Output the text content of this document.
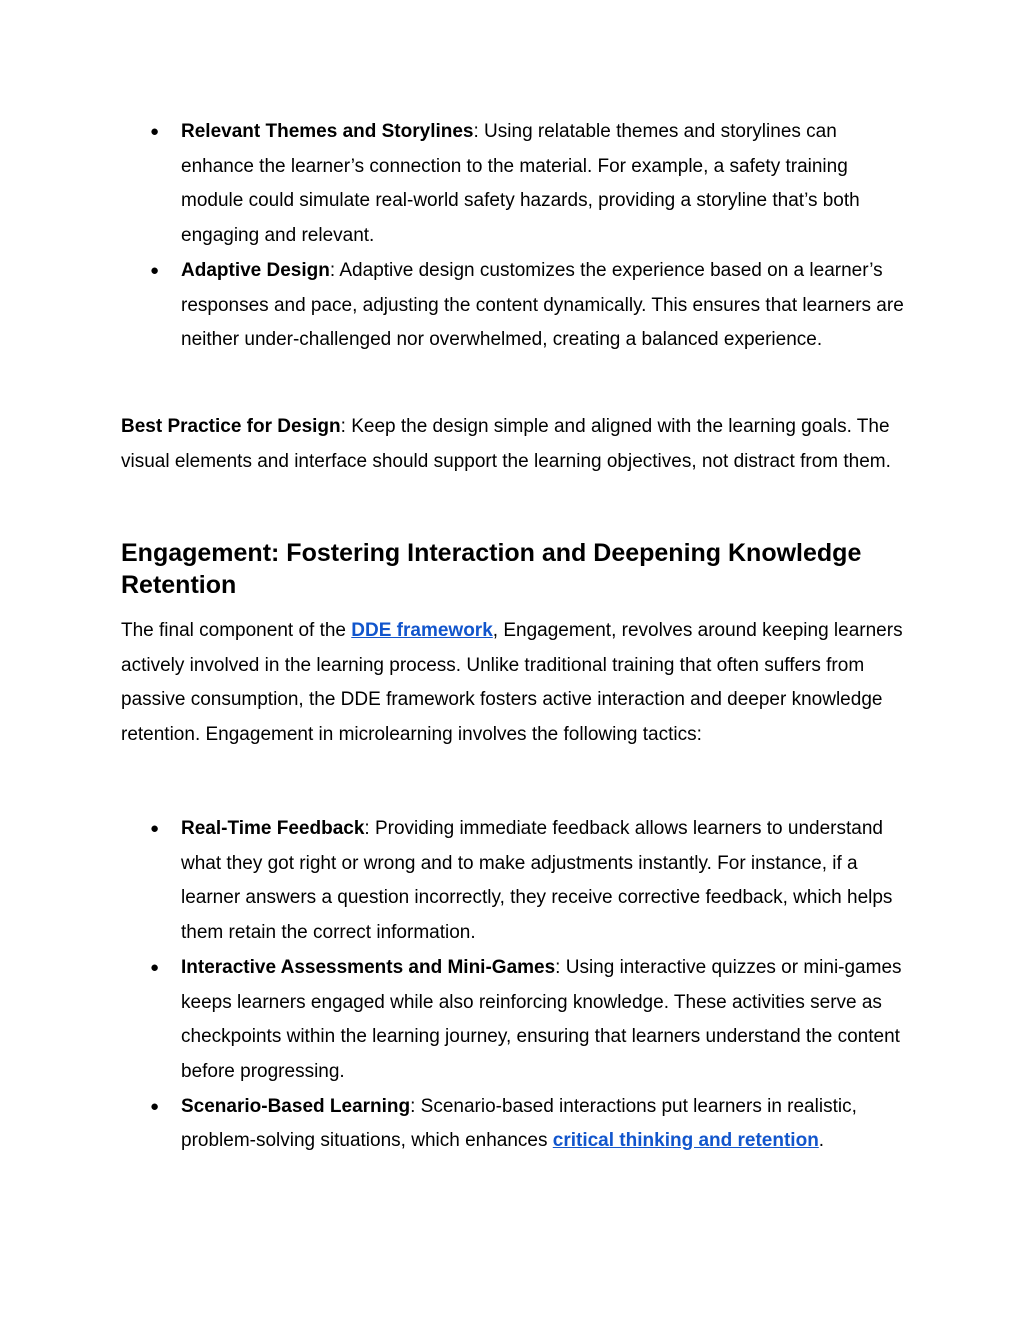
● Relevant Themes and Storylines: Using relatable themes and storylines can enhance the learner’s connection to the material. For example, a safety training module could simulate real-world safety hazards, providing a storyline that’s both engaging and relevant.
● Adaptive Design: Adaptive design customizes the experience based on a learner’s responses and pace, adjusting the content dynamically. This ensures that learners are neither under-challenged nor overwhelmed, creating a balanced experience.

Best Practice for Design: Keep the design simple and aligned with the learning goals. The visual elements and interface should support the learning objectives, not distract from them.

Engagement: Fostering Interaction and Deepening Knowledge Retention

The final component of the DDE framework, Engagement, revolves around keeping learners actively involved in the learning process. Unlike traditional training that often suffers from passive consumption, the DDE framework fosters active interaction and deeper knowledge retention. Engagement in microlearning involves the following tactics:

● Real-Time Feedback: Providing immediate feedback allows learners to understand what they got right or wrong and to make adjustments instantly. For instance, if a learner answers a question incorrectly, they receive corrective feedback, which helps them retain the correct information.
● Interactive Assessments and Mini-Games: Using interactive quizzes or mini-games keeps learners engaged while also reinforcing knowledge. These activities serve as checkpoints within the learning journey, ensuring that learners understand the content before progressing.
● Scenario-Based Learning: Scenario-based interactions put learners in realistic, problem-solving situations, which enhances critical thinking and retention.
